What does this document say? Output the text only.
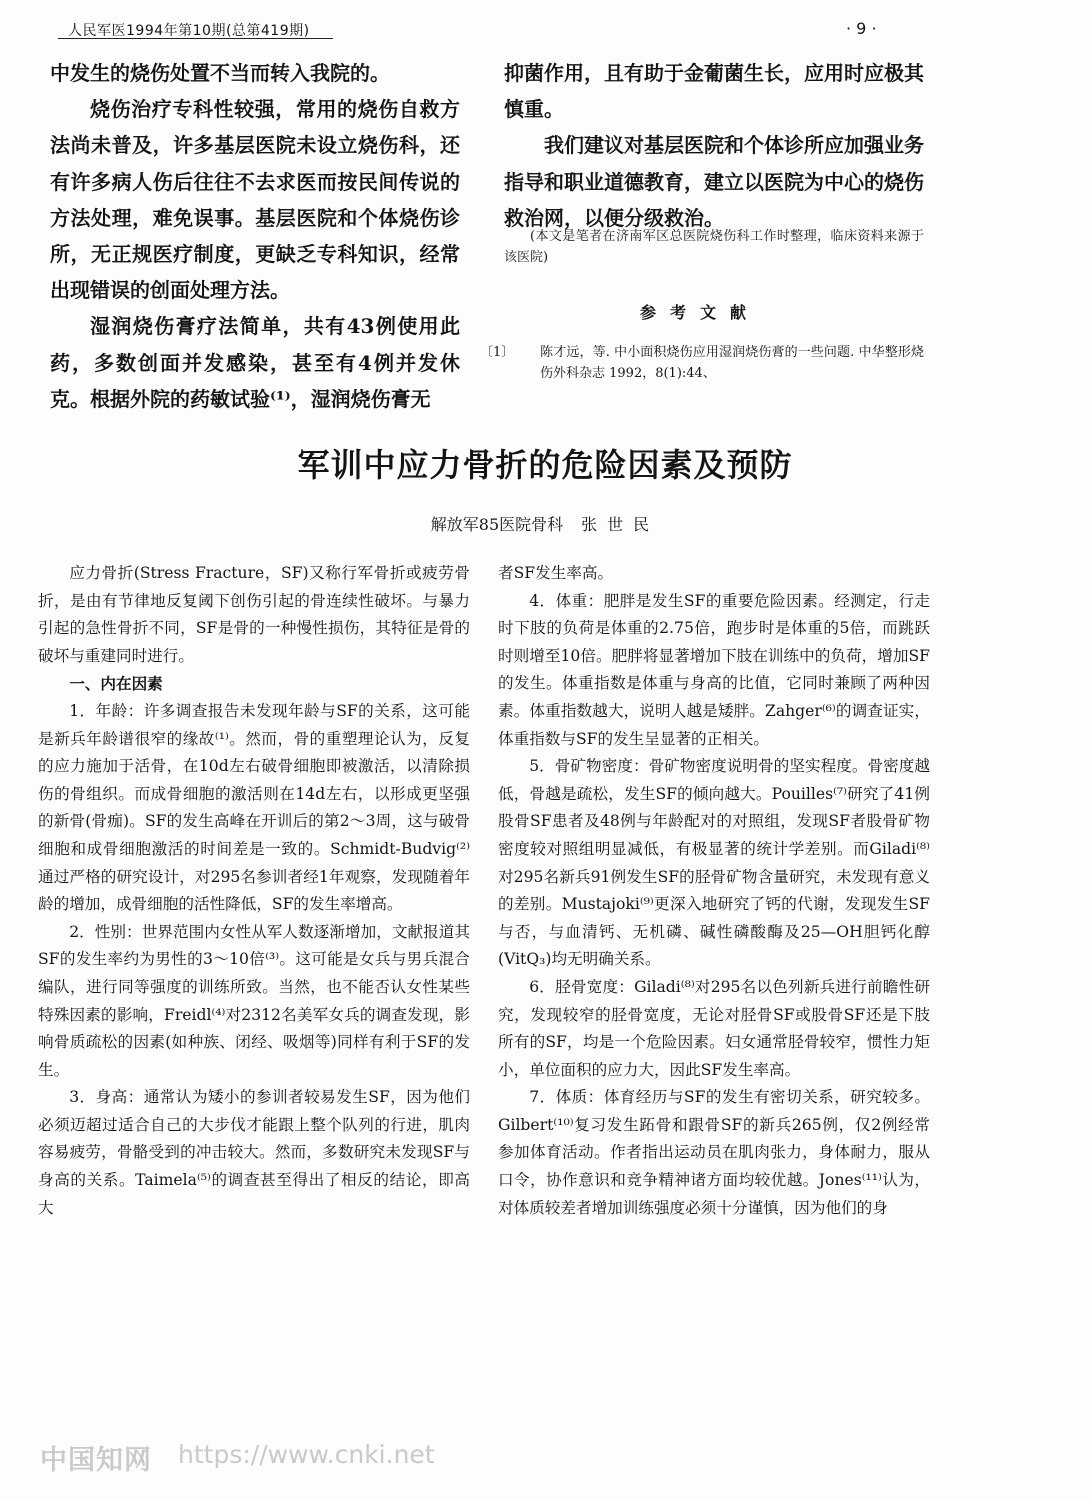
人民军医1994年第10期(总第419期)	· 9 ·

中发生的烧伤处置不当而转入我院的。

烧伤治疗专科性较强，常用的烧伤自救方法尚未普及，许多基层医院未设立烧伤科，还有许多病人伤后往往不去求医而按民间传说的方法处理，难免误事。基层医院和个体烧伤诊所，无正规医疗制度，更缺乏专科知识，经常出现错误的创面处理方法。

湿润烧伤膏疗法简单，共有43例使用此药，多数创面并发感染，甚至有4例并发休克。根据外院的药敏试验⁽¹⁾，湿润烧伤膏无

抑菌作用，且有助于金葡菌生长，应用时应极其慎重。

我们建议对基层医院和个体诊所应加强业务指导和职业道德教育，建立以医院为中心的烧伤救治网，以便分级救治。

(本文是笔者在济南军区总医院烧伤科工作时整理，临床资料来源于该医院)

参考文献

〔1〕 陈才远，等. 中小面积烧伤应用湿润烧伤膏的一些问题. 中华整形烧伤外科杂志 1992，8(1):44、

军训中应力骨折的危险因素及预防
解放军85医院骨科 张世民

应力骨折(Stress Fracture，SF)又称行军骨折或疲劳骨折，是由有节律地反复阈下创伤引起的骨连续性破坏。与暴力引起的急性骨折不同，SF是骨的一种慢性损伤，其特征是骨的破坏与重建同时进行。

一、内在因素

1．年龄：许多调查报告未发现年龄与SF的关系，这可能是新兵年龄谱很窄的缘故⁽¹⁾。然而，骨的重塑理论认为，反复的应力施加于活骨，在10d左右破骨细胞即被激活，以清除损伤的骨组织。而成骨细胞的激活则在14d左右，以形成更坚强的新骨(骨痂)。SF的发生高峰在开训后的第2～3周，这与破骨细胞和成骨细胞激活的时间差是一致的。Schmidt-Budvig⁽²⁾通过严格的研究设计，对295名参训者经1年观察，发现随着年龄的增加，成骨细胞的活性降低，SF的发生率增高。

2．性别：世界范围内女性从军人数逐渐增加，文献报道其SF的发生率约为男性的3～10倍⁽³⁾。这可能是女兵与男兵混合编队，进行同等强度的训练所致。当然，也不能否认女性某些特殊因素的影响，Freidl⁽⁴⁾对2312名美军女兵的调查发现，影响骨质疏松的因素(如种族、闭经、吸烟等)同样有利于SF的发生。

3．身高：通常认为矮小的参训者较易发生SF，因为他们必须迈超过适合自己的大步伐才能跟上整个队列的行进，肌肉容易疲劳，骨骼受到的冲击较大。然而，多数研究未发现SF与身高的关系。Taimela⁽⁵⁾的调查甚至得出了相反的结论，即高大

者SF发生率高。

4．体重：肥胖是发生SF的重要危险因素。经测定，行走时下肢的负荷是体重的2.75倍，跑步时是体重的5倍，而跳跃时则增至10倍。肥胖将显著增加下肢在训练中的负荷，增加SF的发生。体重指数是体重与身高的比值，它同时兼顾了两种因素。体重指数越大，说明人越是矮胖。Zahger⁽⁶⁾的调查证实，体重指数与SF的发生呈显著的正相关。

5．骨矿物密度：骨矿物密度说明骨的坚实程度。骨密度越低，骨越是疏松，发生SF的倾向越大。Pouilles⁽⁷⁾研究了41例股骨SF患者及48例与年龄配对的对照组，发现SF者股骨矿物密度较对照组明显减低，有极显著的统计学差别。而Giladi⁽⁸⁾对295名新兵91例发生SF的胫骨矿物含量研究，未发现有意义的差别。Mustajoki⁽⁹⁾更深入地研究了钙的代谢，发现发生SF与否，与血清钙、无机磷、碱性磷酸酶及25—OH胆钙化醇(VitQ₃)均无明确关系。

6．胫骨宽度：Giladi⁽⁸⁾对295名以色列新兵进行前瞻性研究，发现较窄的胫骨宽度，无论对胫骨SF或股骨SF还是下肢所有的SF，均是一个危险因素。妇女通常胫骨较窄，惯性力矩小，单位面积的应力大，因此SF发生率高。

7．体质：体育经历与SF的发生有密切关系，研究较多。Gilbert⁽¹⁰⁾复习发生跖骨和跟骨SF的新兵265例，仅2例经常参加体育活动。作者指出运动员在肌肉张力，身体耐力，服从口令，协作意识和竞争精神诸方面均较优越。Jones⁽¹¹⁾认为，对体质较差者增加训练强度必须十分谨慎，因为他们的身

中国知网 https://www.cnki.net
